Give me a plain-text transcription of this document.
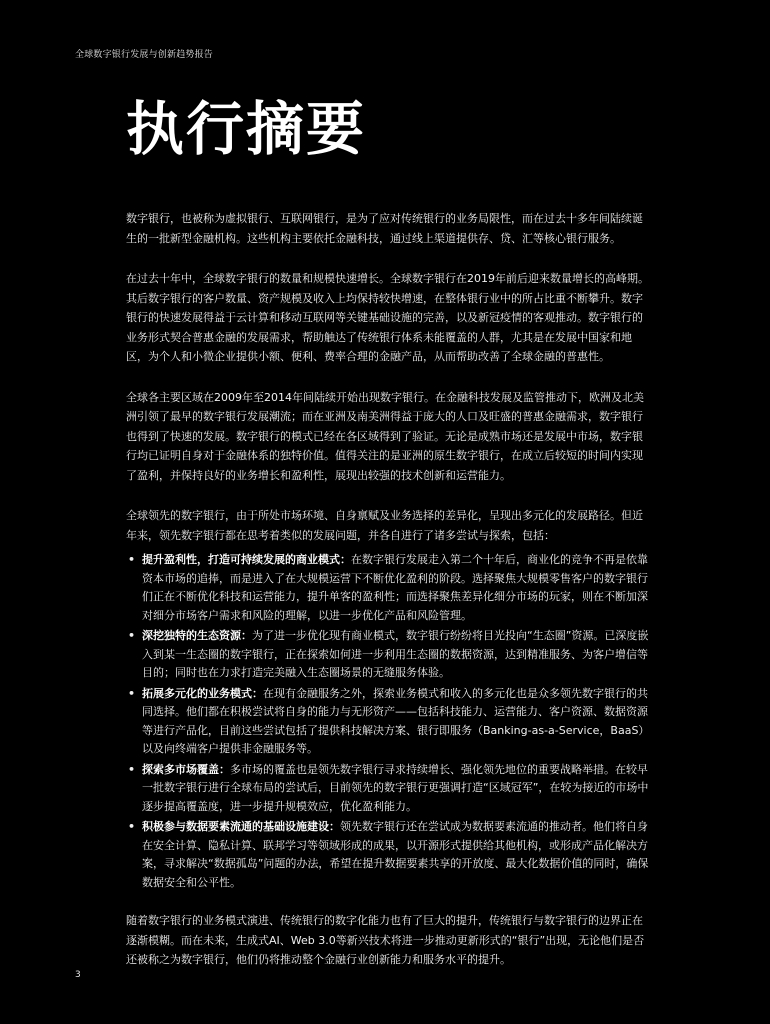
全球数字银行发展与创新趋势报告
执行摘要

数字银行，也被称为虚拟银行、互联网银行，是为了应对传统银行的业务局限性，而在过去十多年间陆续诞生的一批新型金融机构。这些机构主要依托金融科技，通过线上渠道提供存、贷、汇等核心银行服务。

在过去十年中，全球数字银行的数量和规模快速增长。全球数字银行在2019年前后迎来数量增长的高峰期。其后数字银行的客户数量、资产规模及收入上均保持较快增速，在整体银行业中的所占比重不断攀升。数字银行的快速发展得益于云计算和移动互联网等关键基础设施的完善，以及新冠疫情的客观推动。数字银行的业务形式契合普惠金融的发展需求，帮助触达了传统银行体系未能覆盖的人群，尤其是在发展中国家和地区，为个人和小微企业提供小额、便利、费率合理的金融产品，从而帮助改善了全球金融的普惠性。

全球各主要区域在2009年至2014年间陆续开始出现数字银行。在金融科技发展及监管推动下，欧洲及北美洲引领了最早的数字银行发展潮流；而在亚洲及南美洲得益于庞大的人口及旺盛的普惠金融需求，数字银行也得到了快速的发展。数字银行的模式已经在各区域得到了验证。无论是成熟市场还是发展中市场，数字银行均已证明自身对于金融体系的独特价值。值得关注的是亚洲的原生数字银行，在成立后较短的时间内实现了盈利，并保持良好的业务增长和盈利性，展现出较强的技术创新和运营能力。

全球领先的数字银行，由于所处市场环境、自身禀赋及业务选择的差异化，呈现出多元化的发展路径。但近年来，领先数字银行都在思考着类似的发展问题，并各自进行了诸多尝试与探索，包括：

• 提升盈利性，打造可持续发展的商业模式：在数字银行发展走入第二个十年后，商业化的竞争不再是依靠资本市场的追捧，而是进入了在大规模运营下不断优化盈利的阶段。选择聚焦大规模零售客户的数字银行们正在不断优化科技和运营能力，提升单客的盈利性；而选择聚焦差异化细分市场的玩家，则在不断加深对细分市场客户需求和风险的理解，以进一步优化产品和风险管理。
• 深挖独特的生态资源：为了进一步优化现有商业模式，数字银行纷纷将目光投向“生态圈”资源。已深度嵌入到某一生态圈的数字银行，正在探索如何进一步利用生态圈的数据资源，达到精准服务、为客户增信等目的；同时也在力求打造完美融入生态圈场景的无缝服务体验。
• 拓展多元化的业务模式：在现有金融服务之外，探索业务模式和收入的多元化也是众多领先数字银行的共同选择。他们都在积极尝试将自身的能力与无形资产——包括科技能力、运营能力、客户资源、数据资源等进行产品化，目前这些尝试包括了提供科技解决方案、银行即服务（Banking-as-a-Service，BaaS）以及向终端客户提供非金融服务等。
• 探索多市场覆盖：多市场的覆盖也是领先数字银行寻求持续增长、强化领先地位的重要战略举措。在较早一批数字银行进行全球布局的尝试后，目前领先的数字银行更强调打造“区域冠军”，在较为接近的市场中逐步提高覆盖度，进一步提升规模效应，优化盈利能力。
• 积极参与数据要素流通的基础设施建设：领先数字银行还在尝试成为数据要素流通的推动者。他们将自身在安全计算、隐私计算、联邦学习等领域形成的成果，以开源形式提供给其他机构，或形成产品化解决方案，寻求解决“数据孤岛”问题的办法，希望在提升数据要素共享的开放度、最大化数据价值的同时，确保数据安全和公平性。

随着数字银行的业务模式演进、传统银行的数字化能力也有了巨大的提升，传统银行与数字银行的边界正在逐渐模糊。而在未来，生成式AI、Web 3.0等新兴技术将进一步推动更新形式的“银行”出现，无论他们是否还被称之为数字银行，他们仍将推动整个金融行业创新能力和服务水平的提升。

3
